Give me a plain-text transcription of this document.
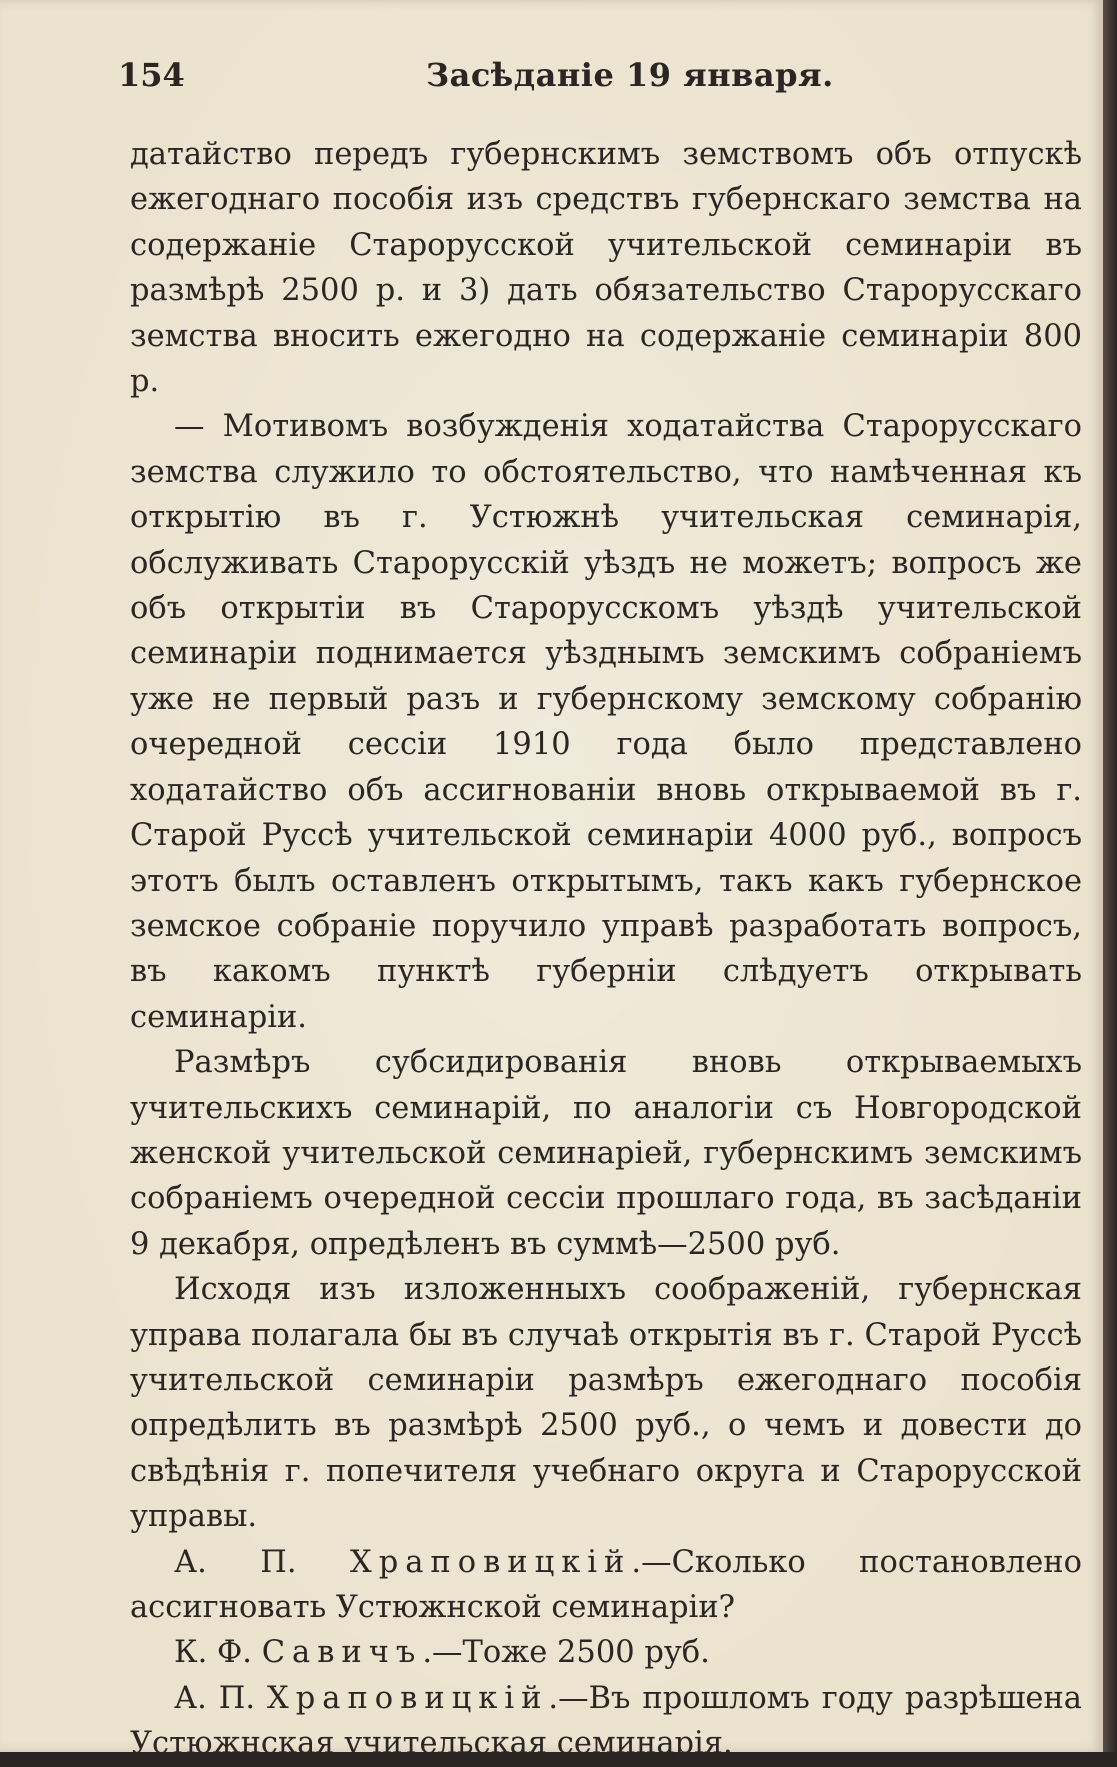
154	Засѣданіе 19 января.

датайство передъ губернскимъ земствомъ объ отпускѣ ежегоднаго пособія изъ средствъ губернскаго земства на содержаніе Старорусской учительской семинаріи въ размѣрѣ 2500 р. и 3) дать обязательство Старорусскаго земства вносить ежегодно на содержаніе семинаріи 800 р.

— Мотивомъ возбужденія ходатайства Старорусскаго земства служило то обстоятельство, что намѣченная къ открытію въ г. Устюжнѣ учительская семинарія, обслуживать Старорусскій уѣздъ не можетъ; вопросъ же объ открытіи въ Старорусскомъ уѣздѣ учительской семинаріи поднимается уѣзднымъ земскимъ собраніемъ уже не первый разъ и губернскому земскому собранію очередной сессіи 1910 года было представлено ходатайство объ ассигнованіи вновь открываемой въ г. Старой Руссѣ учительской семинаріи 4000 руб., вопросъ этотъ былъ оставленъ открытымъ, такъ какъ губернское земское собраніе поручило управѣ разработать вопросъ, въ какомъ пунктѣ губерніи слѣдуетъ открывать семинаріи.

Размѣръ субсидированія вновь открываемыхъ учительскихъ семинарій, по аналогіи съ Новгородской женской учительской семинаріей, губернскимъ земскимъ собраніемъ очередной сессіи прошлаго года, въ засѣданіи 9 декабря, опредѣленъ въ суммѣ—2500 руб.

Исходя изъ изложенныхъ соображеній, губернская управа полагала бы въ случаѣ открытія въ г. Старой Руссѣ учительской семинаріи размѣръ ежегоднаго пособія опредѣлить въ размѣрѣ 2500 руб., о чемъ и довести до свѣдѣнія г. попечителя учебнаго округа и Старорусской управы.

А. П. Храповицкій.—Сколько постановлено ассигновать Устюжнской семинаріи?

К. Ф. Савичъ.—Тоже 2500 руб.

А. П. Храповицкій.—Въ прошломъ году разрѣшена Устюжнская учительская семинарія.
